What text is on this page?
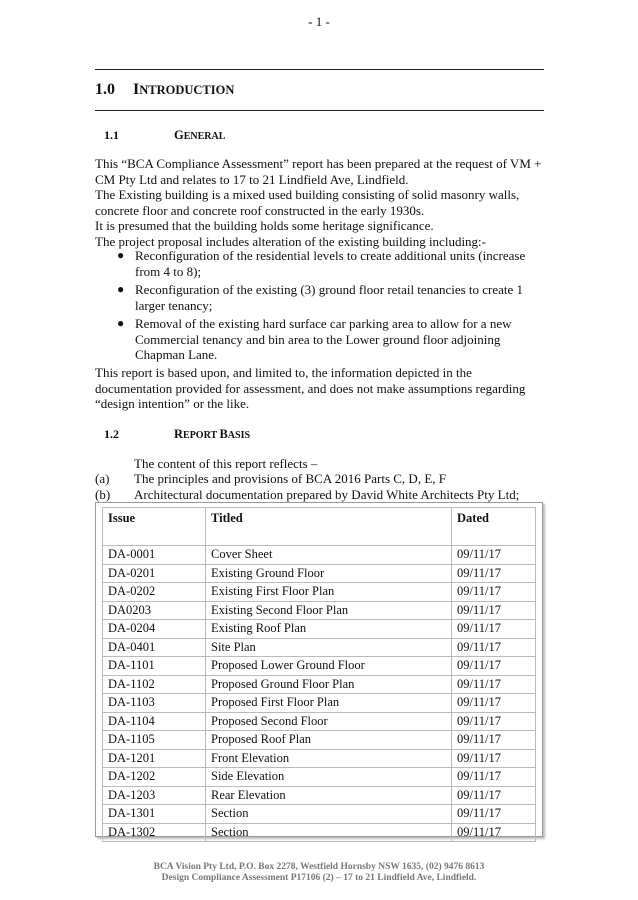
- 1 -
1.0 INTRODUCTION
1.1	GENERAL

This “BCA Compliance Assessment” report has been prepared at the request of VM + CM Pty Ltd and relates to 17 to 21 Lindfield Ave, Lindfield.

The Existing building is a mixed used building consisting of solid masonry walls, concrete floor and concrete roof constructed in the early 1930s.

It is presumed that the building holds some heritage significance.

The project proposal includes alteration of the existing building including:-

● Reconfiguration of the residential levels to create additional units (increase from 4 to 8);
● Reconfiguration of the existing (3) ground floor retail tenancies to create 1 larger tenancy;
● Removal of the existing hard surface car parking area to allow for a new Commercial tenancy and bin area to the Lower ground floor adjoining Chapman Lane.
This report is based upon, and limited to, the information depicted in the documentation provided for assessment, and does not make assumptions regarding “design intention” or the like.
1.2	REPORT BASIS
The content of this report reflects –
(a)	The principles and provisions of BCA 2016 Parts C, D, E, F
(b)	Architectural documentation prepared by David White Architects Pty Ltd;
Issue	Titled	Dated
DA-0001	Cover Sheet	09/11/17
DA-0201	Existing Ground Floor	09/11/17
DA-0202	Existing First Floor Plan	09/11/17
DA0203	Existing Second Floor Plan	09/11/17
DA-0204	Existing Roof Plan	09/11/17
DA-0401	Site Plan	09/11/17
DA-1101	Proposed Lower Ground Floor	09/11/17
DA-1102	Proposed Ground Floor Plan	09/11/17
DA-1103	Proposed First Floor Plan	09/11/17
DA-1104	Proposed Second Floor	09/11/17
DA-1105	Proposed Roof Plan	09/11/17
DA-1201	Front Elevation	09/11/17
DA-1202	Side Elevation	09/11/17
DA-1203	Rear Elevation	09/11/17
DA-1301	Section	09/11/17
DA-1302	Section	09/11/17
BCA Vision Pty Ltd, P.O. Box 2278, Westfield Hornsby NSW 1635, (02) 9476 8613
Design Compliance Assessment P17106 (2) – 17 to 21 Lindfield Ave, Lindfield.
